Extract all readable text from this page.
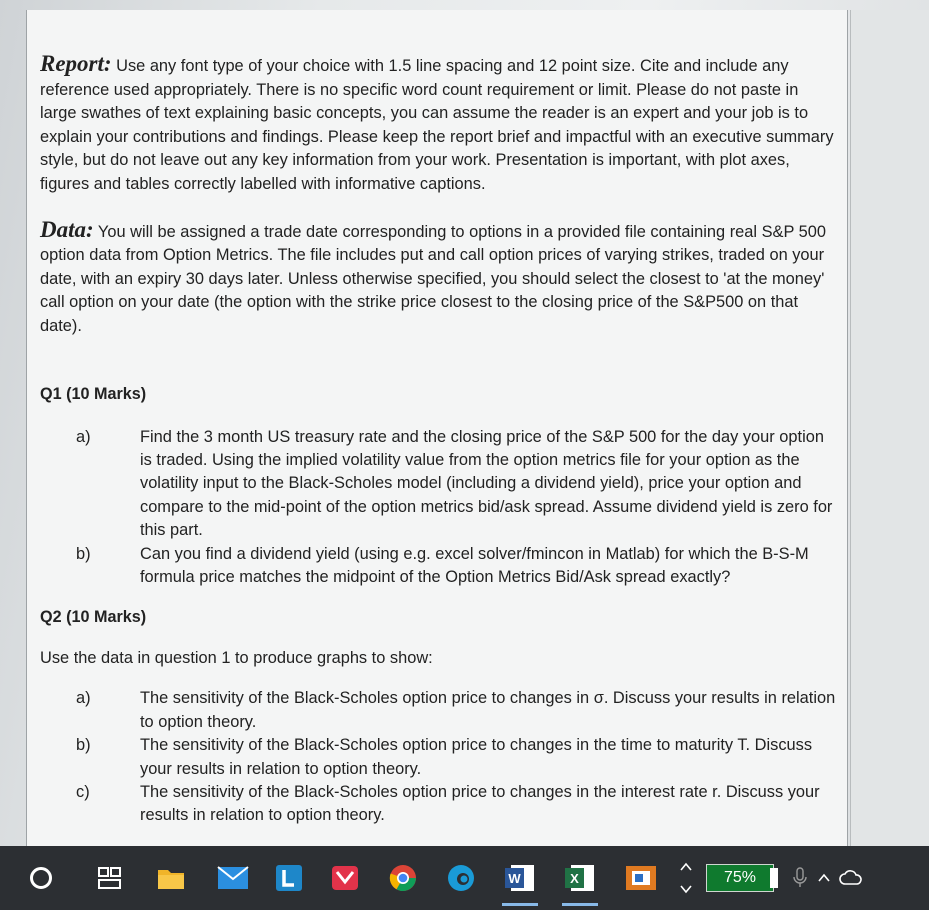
Report: Use any font type of your choice with 1.5 line spacing and 12 point size. Cite and include any reference used appropriately. There is no specific word count requirement or limit. Please do not paste in large swathes of text explaining basic concepts, you can assume the reader is an expert and your job is to explain your contributions and findings. Please keep the report brief and impactful with an executive summary style, but do not leave out any key information from your work. Presentation is important, with plot axes, figures and tables correctly labelled with informative captions.

Data: You will be assigned a trade date corresponding to options in a provided file containing real S&P 500 option data from Option Metrics. The file includes put and call option prices of varying strikes, traded on your date, with an expiry 30 days later. Unless otherwise specified, you should select the closest to 'at the money' call option on your date (the option with the strike price closest to the closing price of the S&P500 on that date).

Q1 (10 Marks)

a)	Find the 3 month US treasury rate and the closing price of the S&P 500 for the day your option is traded. Using the implied volatility value from the option metrics file for your option as the volatility input to the Black-Scholes model (including a dividend yield), price your option and compare to the mid-point of the option metrics bid/ask spread. Assume dividend yield is zero for this part.
b)	Can you find a dividend yield (using e.g. excel solver/fmincon in Matlab) for which the B-S-M formula price matches the midpoint of the Option Metrics Bid/Ask spread exactly?

Q2 (10 Marks)

Use the data in question 1 to produce graphs to show:

a)	The sensitivity of the Black-Scholes option price to changes in σ. Discuss your results in relation to option theory.
b)	The sensitivity of the Black-Scholes option price to changes in the time to maturity T. Discuss your results in relation to option theory.
c)	The sensitivity of the Black-Scholes option price to changes in the interest rate r. Discuss your results in relation to option theory.
W	X	75%
